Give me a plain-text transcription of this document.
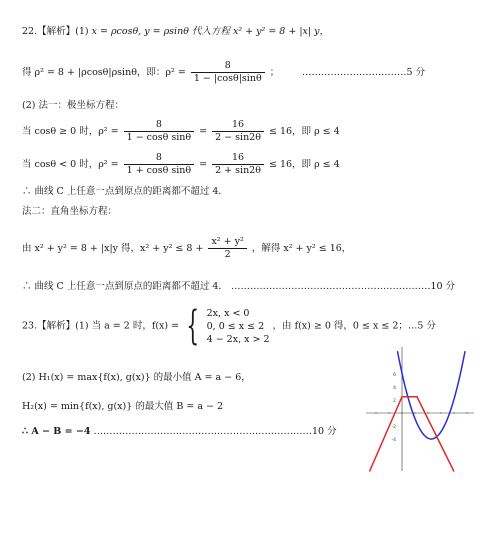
22.【解析】(1) x = ρcosθ, y = ρsinθ 代入方程 x² + y² = 8 + |x| y，
得 ρ² = 8 + |ρcosθ|ρsinθ，即：$\rho^2 = \frac{8}{1 - |\cos\theta|\sin\theta}$ ； ……………………………5 分
(2) 法一：极坐标方程：
当 cosθ ≥ 0 时，$\rho^2 = \frac{8}{\text{1 − cosθ sinθ}} = \frac{16}{2 - \sin 2\theta} \le 16$，即 ρ ≤ 4
当 cosθ < 0 时，$\rho^2 = \frac{8}{\text{1 + cosθ sinθ}} = \frac{16}{2 + \sin 2\theta} \le 16$，即 ρ ≤ 4
∴ 曲线 C 上任意一点到原点的距离都不超过 4．
法二：直角坐标方程：
由 x² + y² = 8 + |x|y 得，$x^2 + y^2 \le 8 + \frac{\text{x² + y²}}{2}$ ，解得 x² + y² ≤ 16，
∴ 曲线 C 上任意一点到原点的距离都不超过 4． ………………………………………………………10 分
23.【解析】(1) 当 a = 2 时，f(x) = { 2x, x < 0
0, 0 ≤ x ≤ 2
4 − 2x, x > 2
，由 f(x) ≥ 0 得，0 ≤ x ≤ 2；…5 分
(2) H₁(x) = max{f(x), g(x)} 的最小值 A = a − 6，
H₂(x) = min{f(x), g(x)} 的最大值 B = a − 2
∴ A − B = −4 ……………………………………………………………10 分
6
4
2
-2
-4
